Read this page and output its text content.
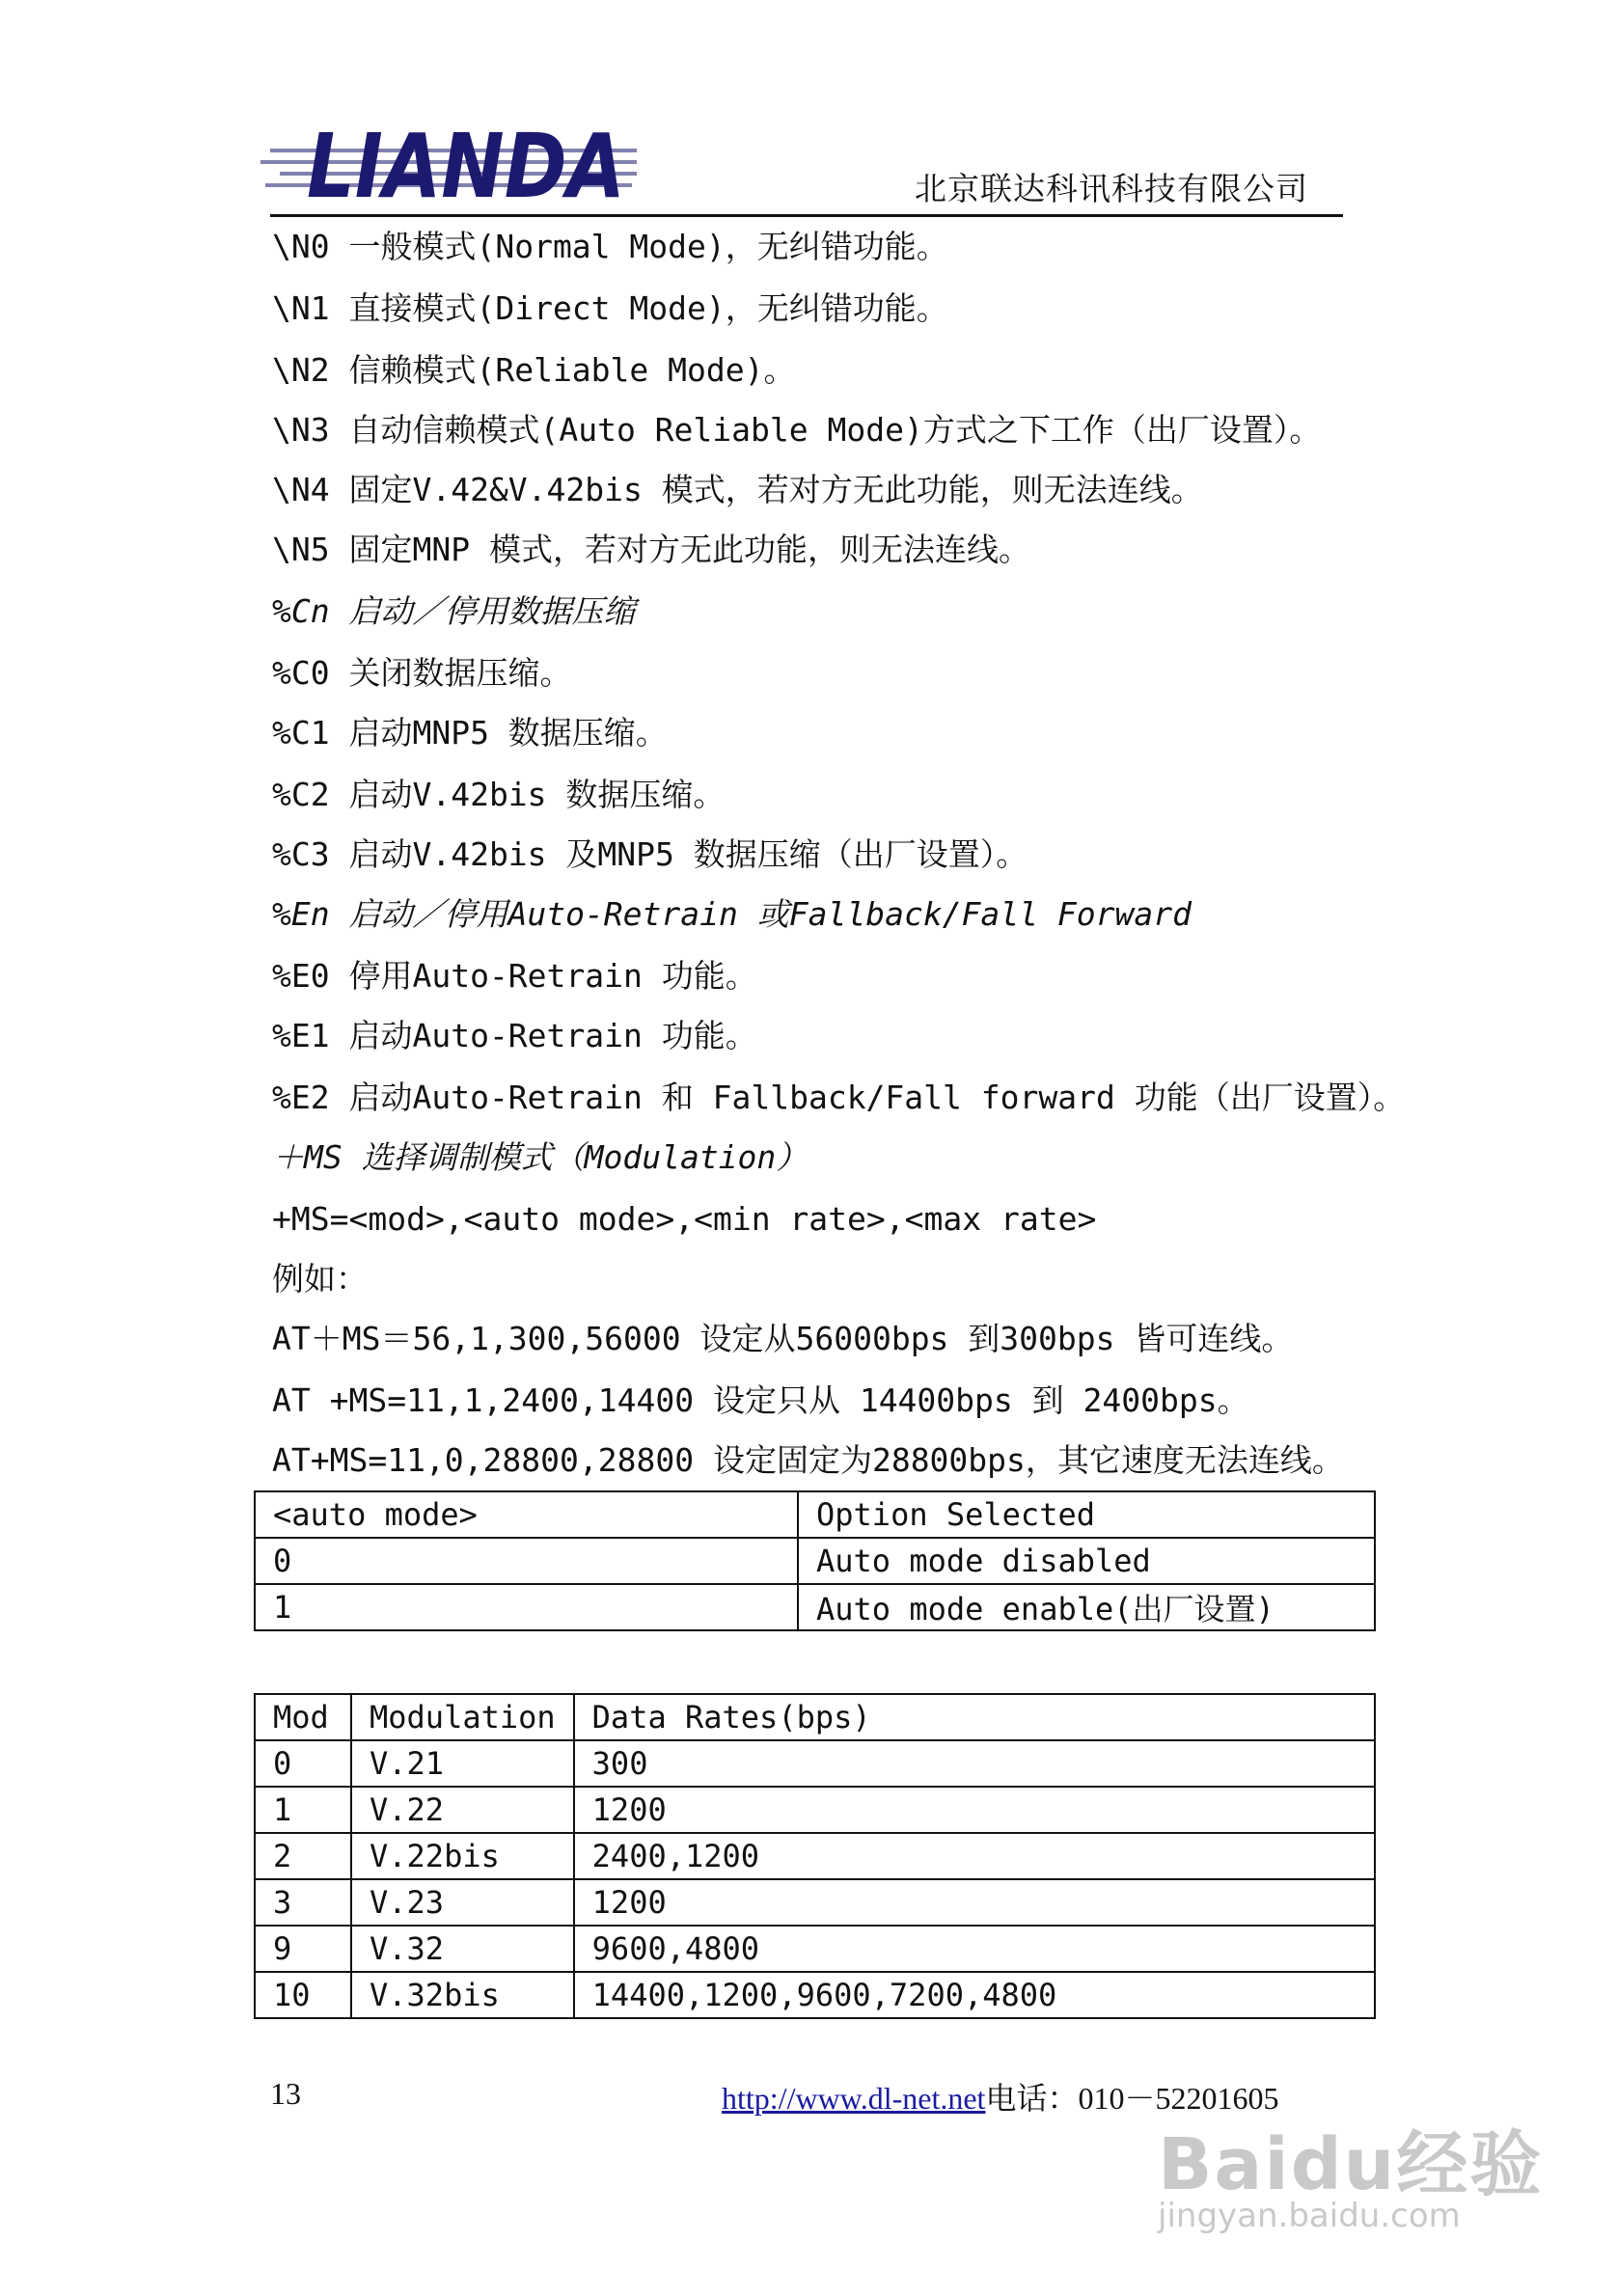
LIANDA	北京联达科讯科技有限公司
\N0 一般模式(Normal Mode)，无纠错功能。
\N1 直接模式(Direct Mode)，无纠错功能。
\N2 信赖模式(Reliable Mode)。
\N3 自动信赖模式(Auto Reliable Mode)方式之下工作（出厂设置）。
\N4 固定V.42&V.42bis 模式，若对方无此功能，则无法连线。
\N5 固定MNP 模式，若对方无此功能，则无法连线。
%Cn 启动／停用数据压缩
%C0 关闭数据压缩。
%C1 启动MNP5 数据压缩。
%C2 启动V.42bis 数据压缩。
%C3 启动V.42bis 及MNP5 数据压缩（出厂设置）。
%En 启动／停用Auto-Retrain 或Fallback/Fall Forward
%E0 停用Auto-Retrain 功能。
%E1 启动Auto-Retrain 功能。
%E2 启动Auto-Retrain 和 Fallback/Fall forward 功能（出厂设置）。
＋MS 选择调制模式（Modulation）
+MS=<mod>,<auto mode>,<min rate>,<max rate>
例如：
AT＋MS＝56,1,300,56000 设定从56000bps 到300bps 皆可连线。
AT +MS=11,1,2400,14400 设定只从 14400bps 到 2400bps。
AT+MS=11,0,28800,28800 设定固定为28800bps，其它速度无法连线。
<auto mode>	Option Selected
0	Auto mode disabled
1	Auto mode enable(出厂设置)
Mod	Modulation	Data Rates(bps)
0	V.21	300
1	V.22	1200
2	V.22bis	2400,1200
3	V.23	1200
9	V.32	9600,4800
10	V.32bis	14400,1200,9600,7200,4800
13	http://www.dl-net.net电话：010－52201605
Baidu经验
jingyan.baidu.com
